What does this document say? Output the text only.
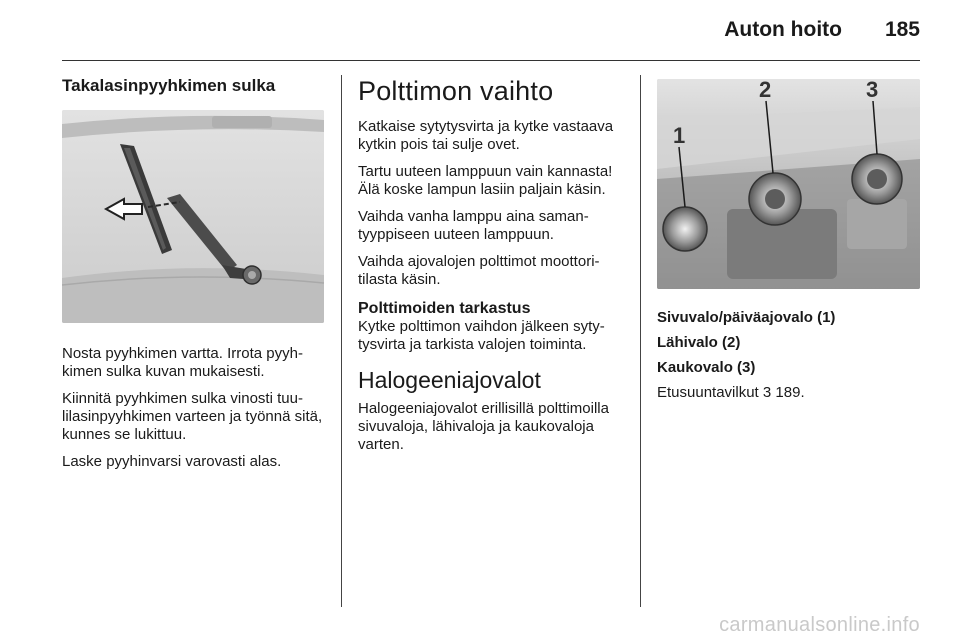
Auton hoito 185
Takalasinpyyhkimen sulka

Nosta pyyhkimen vartta. Irrota pyyhkimen sulka kuvan mukaisesti.

Kiinnitä pyyhkimen sulka vinosti tuulilasinpyyhkimen varteen ja työnnä sitä, kunnes se lukittuu.

Laske pyyhinvarsi varovasti alas.

Polttimon vaihto

Katkaise sytytysvirta ja kytke vastaava kytkin pois tai sulje ovet.

Tartu uuteen lamppuun vain kannasta! Älä koske lampun lasiin paljain käsin.

Vaihda vanha lamppu aina samantyyppiseen uuteen lamppuun.

Vaihda ajovalojen polttimot moottoritilasta käsin.

Polttimoiden tarkastus

Kytke polttimon vaihdon jälkeen sytytysvirta ja tarkista valojen toiminta.

Halogeeniajovalot

Halogeeniajovalot erillisillä polttimoilla sivuvaloja, lähivaloja ja kaukovaloja varten.

1
2	3

Sivuvalo/päiväajovalo (1)

Lähivalo (2)

Kaukovalo (3)

Etusuuntavilkut 3 189.

carmanualsonline.info
